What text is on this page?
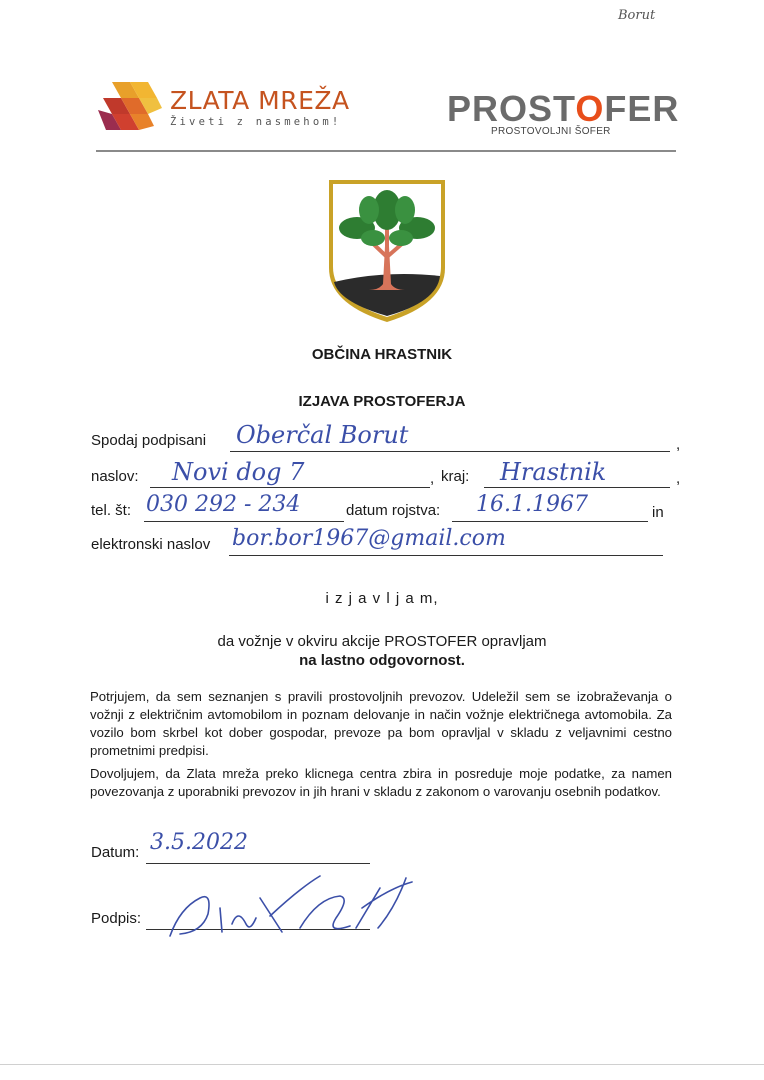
Borut
ZLATA MREŽA
Živeti z nasmehom!	PROSTOFER
PROSTOVOLJNI ŠOFER
OBČINA HRASTNIK
IZJAVA PROSTOFERJA
Spodaj podpisani Oberčal Borut	,
naslov: Novi dog 7	, kraj: Hrastnik	,
tel. št: 030 292 - 234	datum rojstva: 16.1.1967	in
elektronski naslov bor.bor1967@gmail.com
i z j a v l j a m,
da vožnje v okviru akcije PROSTOFER opravljam
na lastno odgovornost.
Potrjujem, da sem seznanjen s pravili prostovoljnih prevozov. Udeležil sem se izobraževanja o vožnji z električnim avtomobilom in poznam delovanje in način vožnje električnega avtomobila. Za vozilo bom skrbel kot dober gospodar, prevoze pa bom opravljal v skladu z veljavnimi cestno prometnimi predpisi.
Dovoljujem, da Zlata mreža preko klicnega centra zbira in posreduje moje podatke, za namen povezovanja z uporabniki prevozov in jih hrani v skladu z zakonom o varovanju osebnih podatkov.
Datum: 3.5.2022
Podpis:
